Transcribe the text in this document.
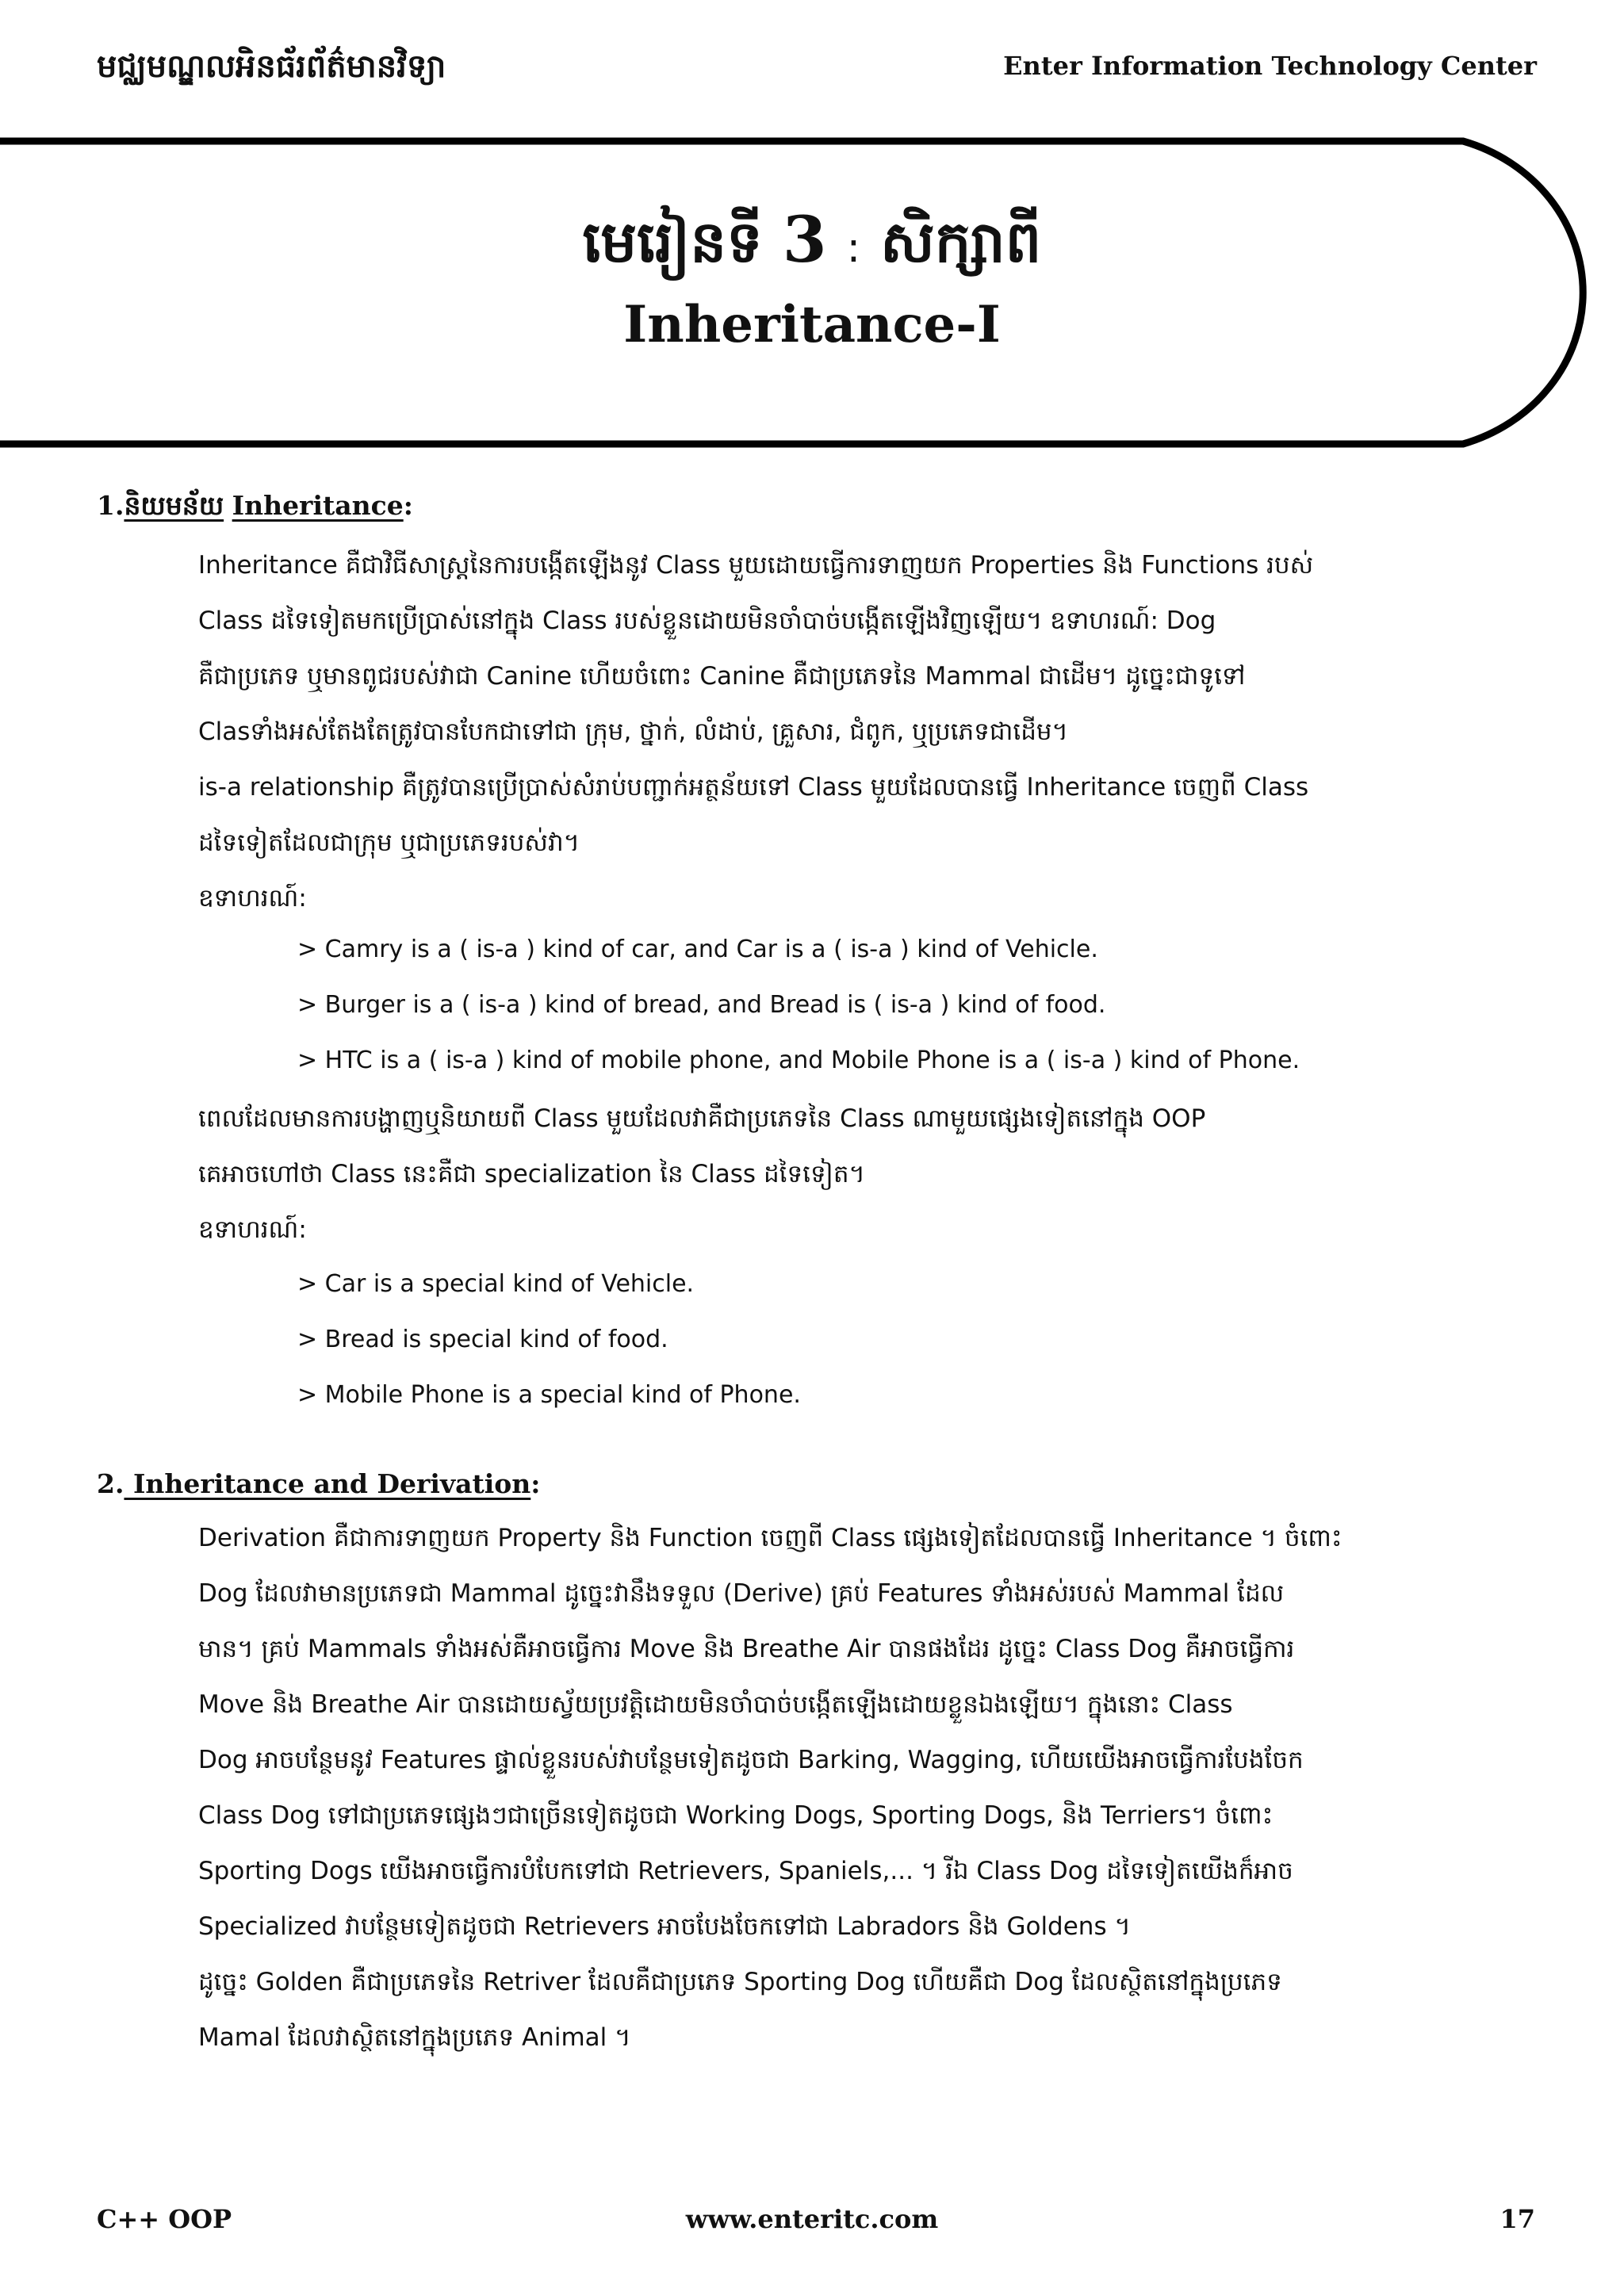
មជ្ឈមណ្ឌលអិនធ័រព័ត៌មានវិទ្យា	Enter Information Technology Center
មេរៀនទី 3 : សិក្សាពី
Inheritance-I
1.និយមន័យ Inheritance:

Inheritance គឺជាវិធីសាស្ត្រនៃការបង្កើតឡើងនូវ Class មួយដោយធ្វើការទាញយក Properties និង Functions របស់

Class ដទៃទៀតមកប្រើប្រាស់នៅក្នុង Class របស់ខ្លួនដោយមិនចាំបាច់បង្កើតឡើងវិញឡើយ។ ឧទាហរណ៍: Dog

គឺជាប្រភេទ ឬមានពូជរបស់វាជា Canine ហើយចំពោះ Canine គឺជាប្រភេទនៃ Mammal ជាដើម។ ដូច្នេះជាទូទៅ

Clasទាំងអស់តែងតែត្រូវបានបែកជាទៅជា ក្រុម, ថ្នាក់, លំដាប់, គ្រួសារ, ជំពូក, ឬប្រភេទជាដើម។

is-a relationship គឺត្រូវបានប្រើប្រាស់សំរាប់បញ្ជាក់អត្ថន័យទៅ Class មួយដែលបានធ្វើ Inheritance ចេញពី Class

ដទៃទៀតដែលជាក្រុម ឬជាប្រភេទរបស់វា។

ឧទាហរណ៍:

> Camry is a ( is-a ) kind of car, and Car is a ( is-a ) kind of Vehicle.
> Burger is a ( is-a ) kind of bread, and Bread is ( is-a ) kind of food.
> HTC is a ( is-a ) kind of mobile phone, and Mobile Phone is a ( is-a ) kind of Phone.

ពេលដែលមានការបង្ហាញឬនិយាយពី Class មួយដែលវាគឺជាប្រភេទនៃ Class ណាមួយផ្សេងទៀតនៅក្នុង OOP

គេអាចហៅថា Class នេះគឺជា specialization នៃ Class ដទៃទៀត។

ឧទាហរណ៍:

> Car is a special kind of Vehicle.
> Bread is special kind of food.
> Mobile Phone is a special kind of Phone.
2. Inheritance and Derivation:

Derivation គឺជាការទាញយក Property និង Function ចេញពី Class ផ្សេងទៀតដែលបានធ្វើ Inheritance ។ ចំពោះ

Dog ដែលវាមានប្រភេទជា Mammal ដូច្នេះវានឹងទទួល (Derive) គ្រប់ Features ទាំងអស់របស់ Mammal ដែល

មាន។ គ្រប់ Mammals ទាំងអស់គឺអាចធ្វើការ Move និង Breathe Air បានផងដែរ ដូច្នេះ Class Dog គឺអាចធ្វើការ

Move និង Breathe Air បានដោយស្វ័យប្រវត្តិដោយមិនចាំបាច់បង្កើតឡើងដោយខ្លួនឯងឡើយ។ ក្នុងនោះ Class

Dog អាចបន្ថែមនូវ Features ផ្ទាល់ខ្លួនរបស់វាបន្ថែមទៀតដូចជា Barking, Wagging, ហើយយើងអាចធ្វើការបែងចែក

Class Dog ទៅជាប្រភេទផ្សេងៗជាច្រើនទៀតដូចជា Working Dogs, Sporting Dogs, និង Terriers។ ចំពោះ

Sporting Dogs យើងអាចធ្វើការបំបែកទៅជា Retrievers, Spaniels,... ។ រីឯ Class Dog ដទៃទៀតយើងក៏អាច

Specialized វាបន្ថែមទៀតដូចជា Retrievers អាចបែងចែកទៅជា Labradors និង Goldens ។

ដូច្នេះ Golden គឺជាប្រភេទនៃ Retriver ដែលគឺជាប្រភេទ Sporting Dog ហើយគឺជា Dog ដែលស្ថិតនៅក្នុងប្រភេទ

Mamal ដែលវាស្ថិតនៅក្នុងប្រភេទ Animal ។

C++ OOP	www.enteritc.com	17
